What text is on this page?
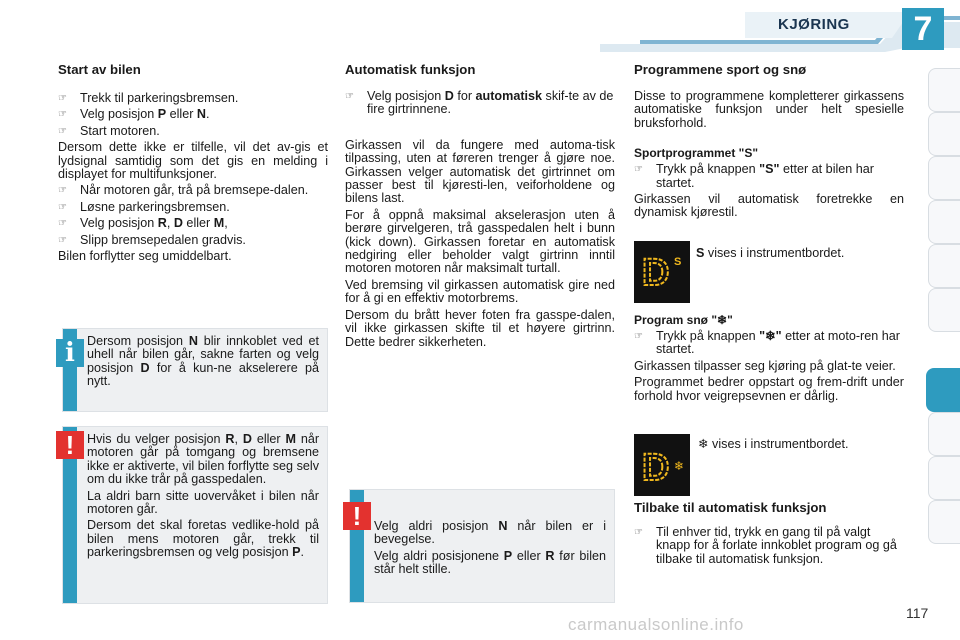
KJØRING 7
Start av bilen
☞ Trekk til parkeringsbremsen.
☞ Velg posisjon P eller N.
☞ Start motoren.

Dersom dette ikke er tilfelle, vil det av-gis et lydsignal samtidig som det gis en melding i displayet for multifunksjoner.

☞ Når motoren går, trå på bremsepe-dalen.
☞ Løsne parkeringsbremsen.
☞ Velg posisjon R, D eller M,
☞ Slipp bremsepedalen gradvis.

Bilen forflytter seg umiddelbart.

i Dersom posisjon N blir innkoblet ved et uhell når bilen går, sakne farten og velg posisjon D for å kun-ne akselerere på nytt.

!	Hvis du velger posisjon R, D eller M når motoren går på tomgang og bremsene ikke er aktiverte, vil bilen forflytte seg selv om du ikke trår på gasspedalen.

La aldri barn sitte uovervåket i bilen når motoren går.

Dersom det skal foretas vedlike-hold på bilen mens motoren går, trekk til parkeringsbremsen og velg posisjon P.

Automatisk funksjon
☞ Velg posisjon D for automatisk skif-te av de fire girtrinnene.

Girkassen vil da fungere med automa-tisk tilpassing, uten at føreren trenger å gjøre noe. Girkassen velger automatisk det girtrinnet om passer best til kjøresti-len, veiforholdene og bilens last.

For å oppnå maksimal akselerasjon uten å berøre girvelgeren, trå gasspedalen helt i bunn (kick down). Girkassen foretar en automatisk nedgiring eller beholder valgt girtrinn inntil motoren motoren når maksimalt turtall.

Ved bremsing vil girkassen automatisk gire ned for å gi en effektiv motorbrems.

Dersom du brått hever foten fra gasspe-dalen, vil ikke girkassen skifte til et høyere girtrinn. Dette bedrer sikkerheten.

!	Velg aldri posisjon N når bilen er i bevegelse.

Velg aldri posisjonene P eller R før bilen står helt stille.

Programmene sport og snø

Disse to programmene kompletterer girkassens automatiske funksjon under helt spesielle bruksforhold.

Sportprogrammet "S"
☞ Trykk på knappen "S" etter at bilen har startet.

Girkassen vil automatisk foretrekke en dynamisk kjørestil.

D S
S vises i instrumentbordet.
Program snø "❄"
☞ Trykk på knappen "❄" etter at moto-ren har startet.

Girkassen tilpasser seg kjøring på glat-te veier.

Programmet bedrer oppstart og frem-drift under forhold hvor veigrepsevnen er dårlig.

D ❄
❄ vises i instrumentbordet.
Tilbake til automatisk funksjon
☞ Til enhver tid, trykk en gang til på valgt knapp for å forlate innkoblet program og gå tilbake til automatisk funksjon.
117
carmanualsonline.info
